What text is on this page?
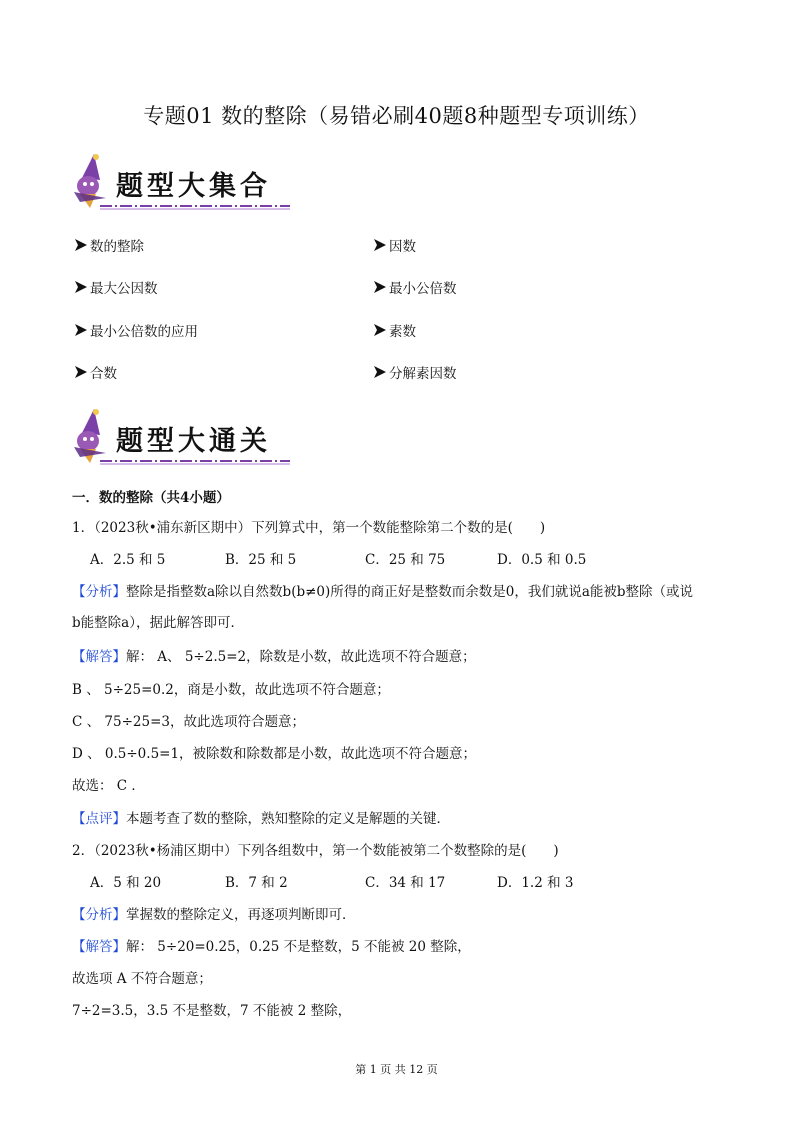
专题01 数的整除（易错必刷40题8种题型专项训练）
题型大集合
数的整除	因数
最大公因数	最小公倍数
最小公倍数的应用	素数
合数	分解素因数
题型大通关
一．数的整除（共4小题）
1．（2023秋•浦东新区期中）下列算式中，第一个数能整除第二个数的是(　　)
A．2.5 和 5	B．25 和 5	C．25 和 75	D．0.5 和 0.5
【分析】整除是指整数a除以自然数b(b≠0)所得的商正好是整数而余数是0，我们就说a能被b整除（或说
b能整除a），据此解答即可．
【解答】解： A、 5÷2.5=2，除数是小数，故此选项不符合题意；
B 、 5÷25=0.2，商是小数，故此选项不符合题意；
C 、 75÷25=3，故此选项符合题意；
D 、 0.5÷0.5=1，被除数和除数都是小数，故此选项不符合题意；
故选： C ．
【点评】本题考查了数的整除，熟知整除的定义是解题的关键．
2．（2023秋•杨浦区期中）下列各组数中，第一个数能被第二个数整除的是(　　)
A．5 和 20	B．7 和 2	C．34 和 17	D．1.2 和 3
【分析】掌握数的整除定义，再逐项判断即可．
【解答】解： 5÷20=0.25，0.25 不是整数，5 不能被 20 整除，
故选项 A 不符合题意；
7÷2=3.5，3.5 不是整数，7 不能被 2 整除，
第 1 页 共 12 页
